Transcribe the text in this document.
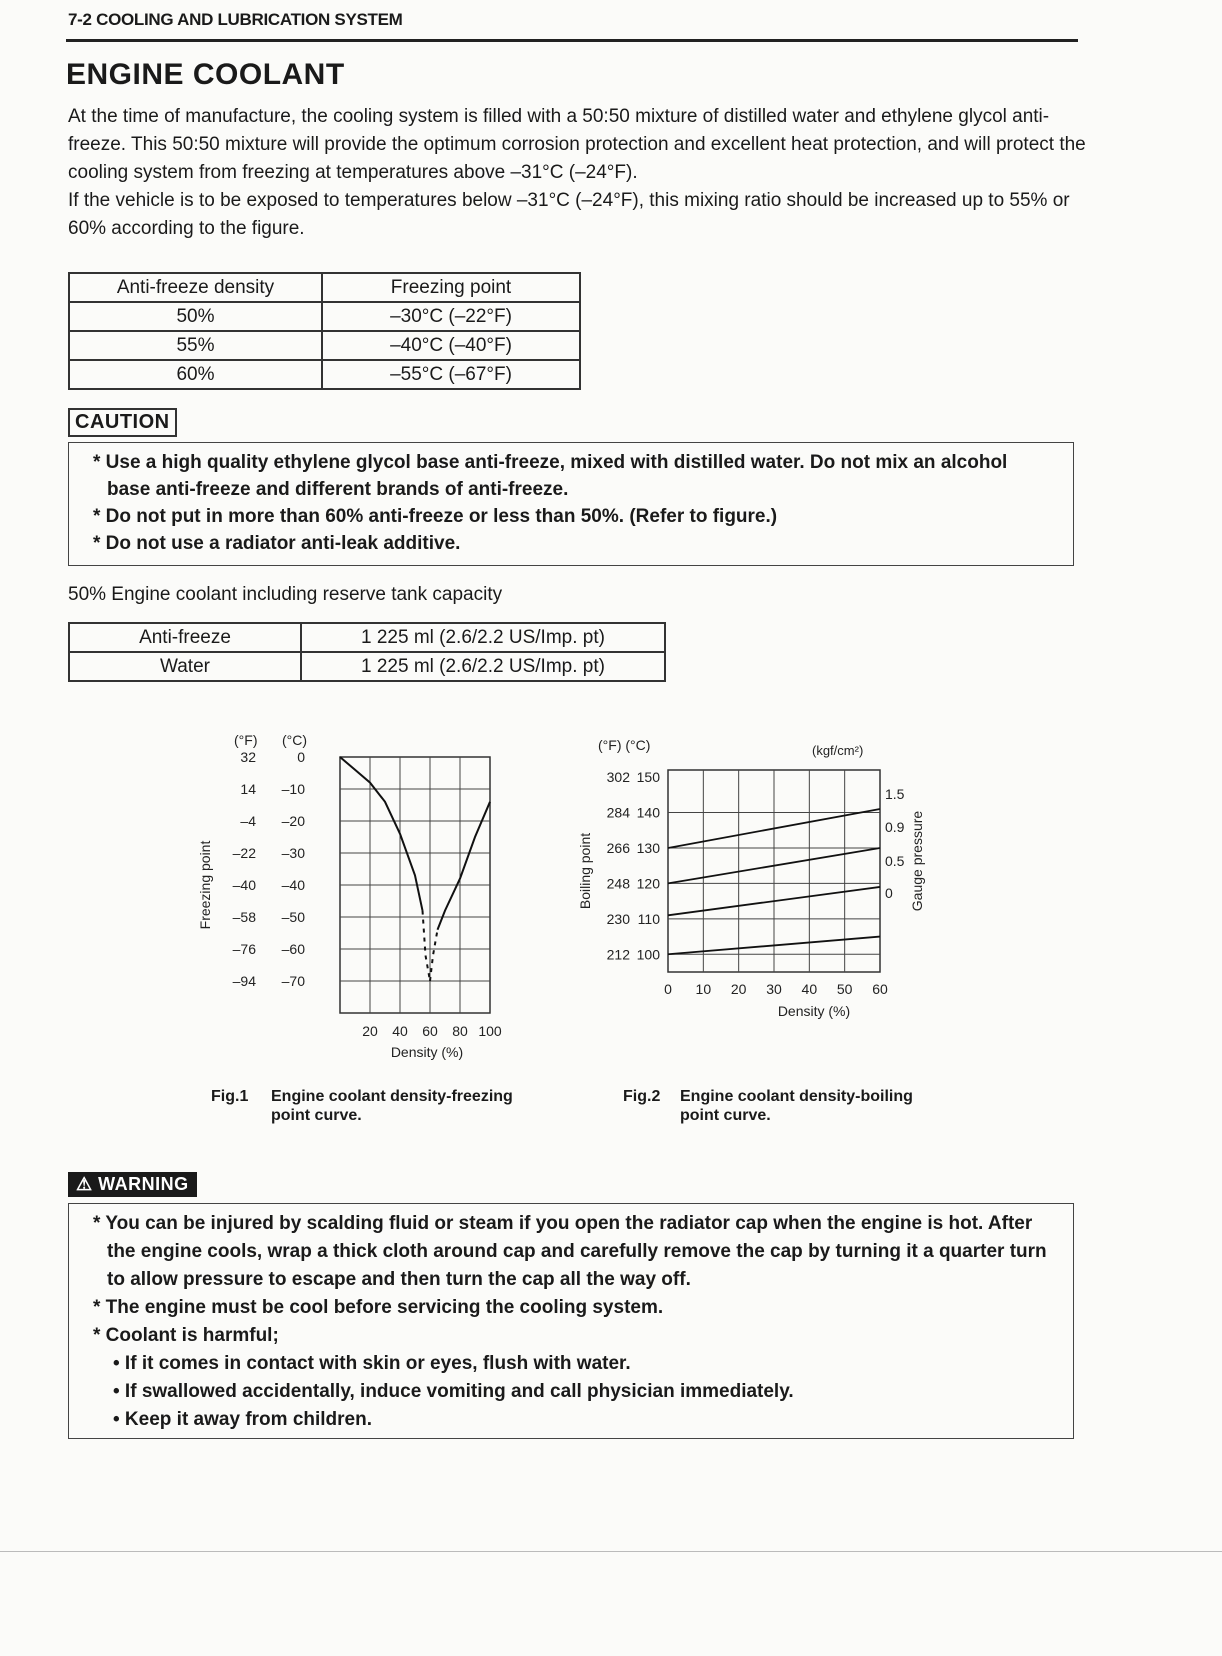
7-2 COOLING AND LUBRICATION SYSTEM
ENGINE COOLANT

At the time of manufacture, the cooling system is filled with a 50:50 mixture of distilled water and ethylene glycol anti-freeze. This 50:50 mixture will provide the optimum corrosion protection and excellent heat protection, and will protect the cooling system from freezing at temperatures above –31°C (–24°F).

If the vehicle is to be exposed to temperatures below –31°C (–24°F), this mixing ratio should be increased up to 55% or 60% according to the figure.

Anti-freeze density	Freezing point
50%	–30°C (–22°F)
55%	–40°C (–40°F)
60%	–55°C (–67°F)
CAUTION

* Use a high quality ethylene glycol base anti-freeze, mixed with distilled water. Do not mix an alcohol base anti-freeze and different brands of anti-freeze.

* Do not put in more than 60% anti-freeze or less than 50%. (Refer to figure.)

* Do not use a radiator anti-leak additive.

50% Engine coolant including reserve tank capacity
Anti-freeze	1 225 ml (2.6/2.2 US/Imp. pt)
Water	1 225 ml (2.6/2.2 US/Imp. pt)
(°F) (°C)
32	0
14 –10
–4 –20
–22 –30
–40 –40
–58 –50
–76 –60
–94 –70
Freezing point
20 40 60 80 100
Density (%)
(°F) (°C)	(kgf/cm²)
302 150
284 140
266 130
248 120
230 110
212 100
Boiling point	Gauge pressure
0 10 20 30 40 50 60
Density (%)
1.5
0.9
0.5
0
Fig.1 Engine coolant density-freezing
point curve.
Fig.2 Engine coolant density-boiling
point curve.
⚠ WARNING

* You can be injured by scalding fluid or steam if you open the radiator cap when the engine is hot. After the engine cools, wrap a thick cloth around cap and carefully remove the cap by turning it a quarter turn to allow pressure to escape and then turn the cap all the way off.

* The engine must be cool before servicing the cooling system.

* Coolant is harmful;

• If it comes in contact with skin or eyes, flush with water.

• If swallowed accidentally, induce vomiting and call physician immediately.

• Keep it away from children.
